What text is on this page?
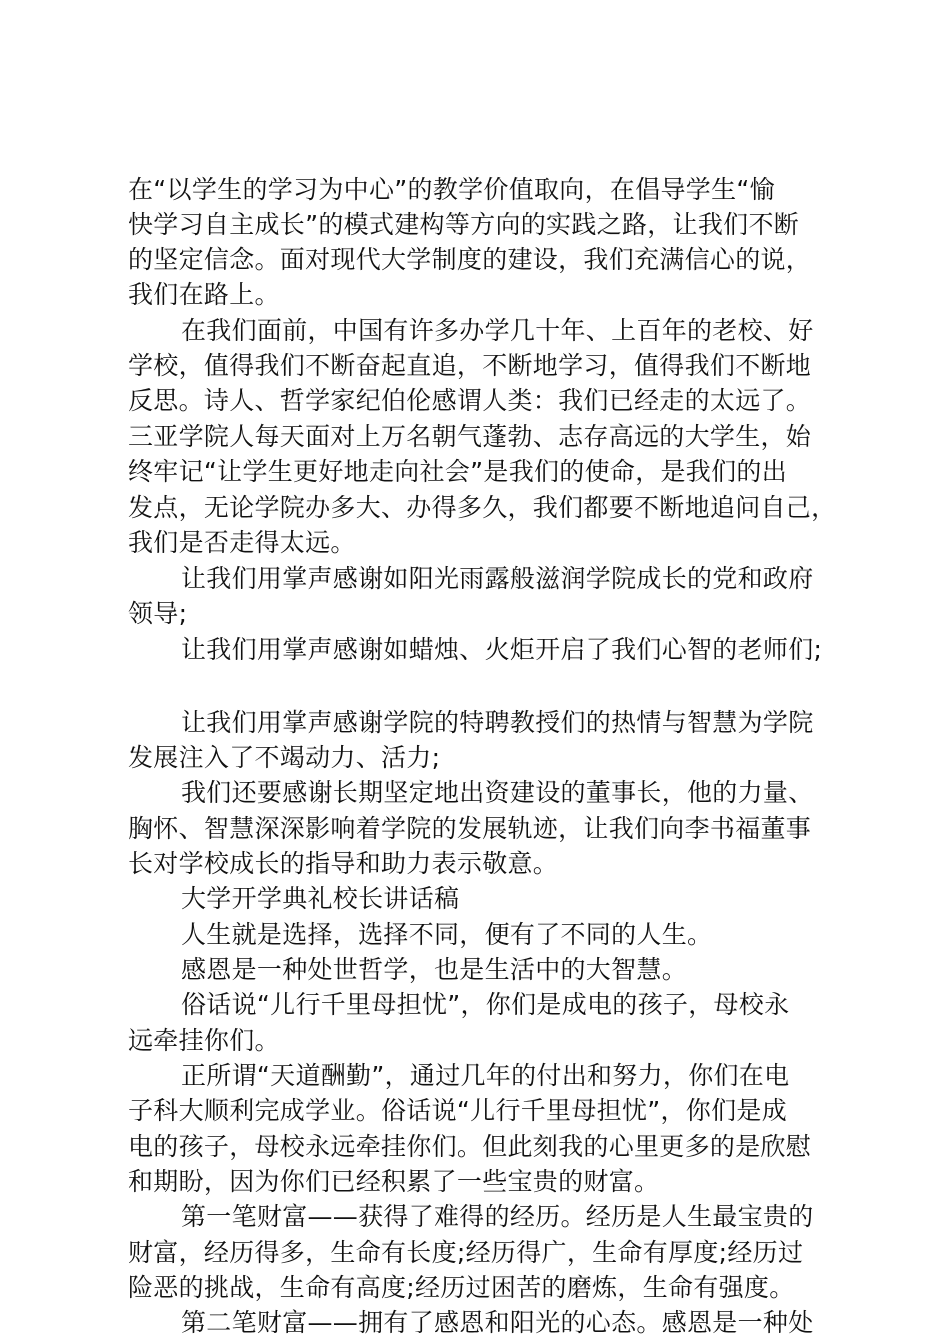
在“以学生的学习为中心”的教学价值取向，在倡导学生“愉
快学习自主成长”的模式建构等方向的实践之路，让我们不断
的坚定信念。面对现代大学制度的建设，我们充满信心的说，
我们在路上。
在我们面前，中国有许多办学几十年、上百年的老校、好
学校，值得我们不断奋起直追，不断地学习，值得我们不断地
反思。诗人、哲学家纪伯伦感谓人类：我们已经走的太远了。
三亚学院人每天面对上万名朝气蓬勃、志存高远的大学生，始
终牢记“让学生更好地走向社会”是我们的使命，是我们的出
发点，无论学院办多大、办得多久，我们都要不断地追问自己，
我们是否走得太远。
让我们用掌声感谢如阳光雨露般滋润学院成长的党和政府
领导;
让我们用掌声感谢如蜡烛、火炬开启了我们心智的老师们;
让我们用掌声感谢学院的特聘教授们的热情与智慧为学院
发展注入了不竭动力、活力;
我们还要感谢长期坚定地出资建设的董事长，他的力量、
胸怀、智慧深深影响着学院的发展轨迹，让我们向李书福董事
长对学校成长的指导和助力表示敬意。
大学开学典礼校长讲话稿
人生就是选择，选择不同，便有了不同的人生。
感恩是一种处世哲学，也是生活中的大智慧。
俗话说“儿行千里母担忧”，你们是成电的孩子，母校永
远牵挂你们。
正所谓“天道酬勤”，通过几年的付出和努力，你们在电
子科大顺利完成学业。俗话说“儿行千里母担忧”，你们是成
电的孩子，母校永远牵挂你们。但此刻我的心里更多的是欣慰
和期盼，因为你们已经积累了一些宝贵的财富。
第一笔财富——获得了难得的经历。经历是人生最宝贵的
财富，经历得多，生命有长度;经历得广，生命有厚度;经历过
险恶的挑战，生命有高度;经历过困苦的磨炼，生命有强度。
第二笔财富——拥有了感恩和阳光的心态。感恩是一种处
